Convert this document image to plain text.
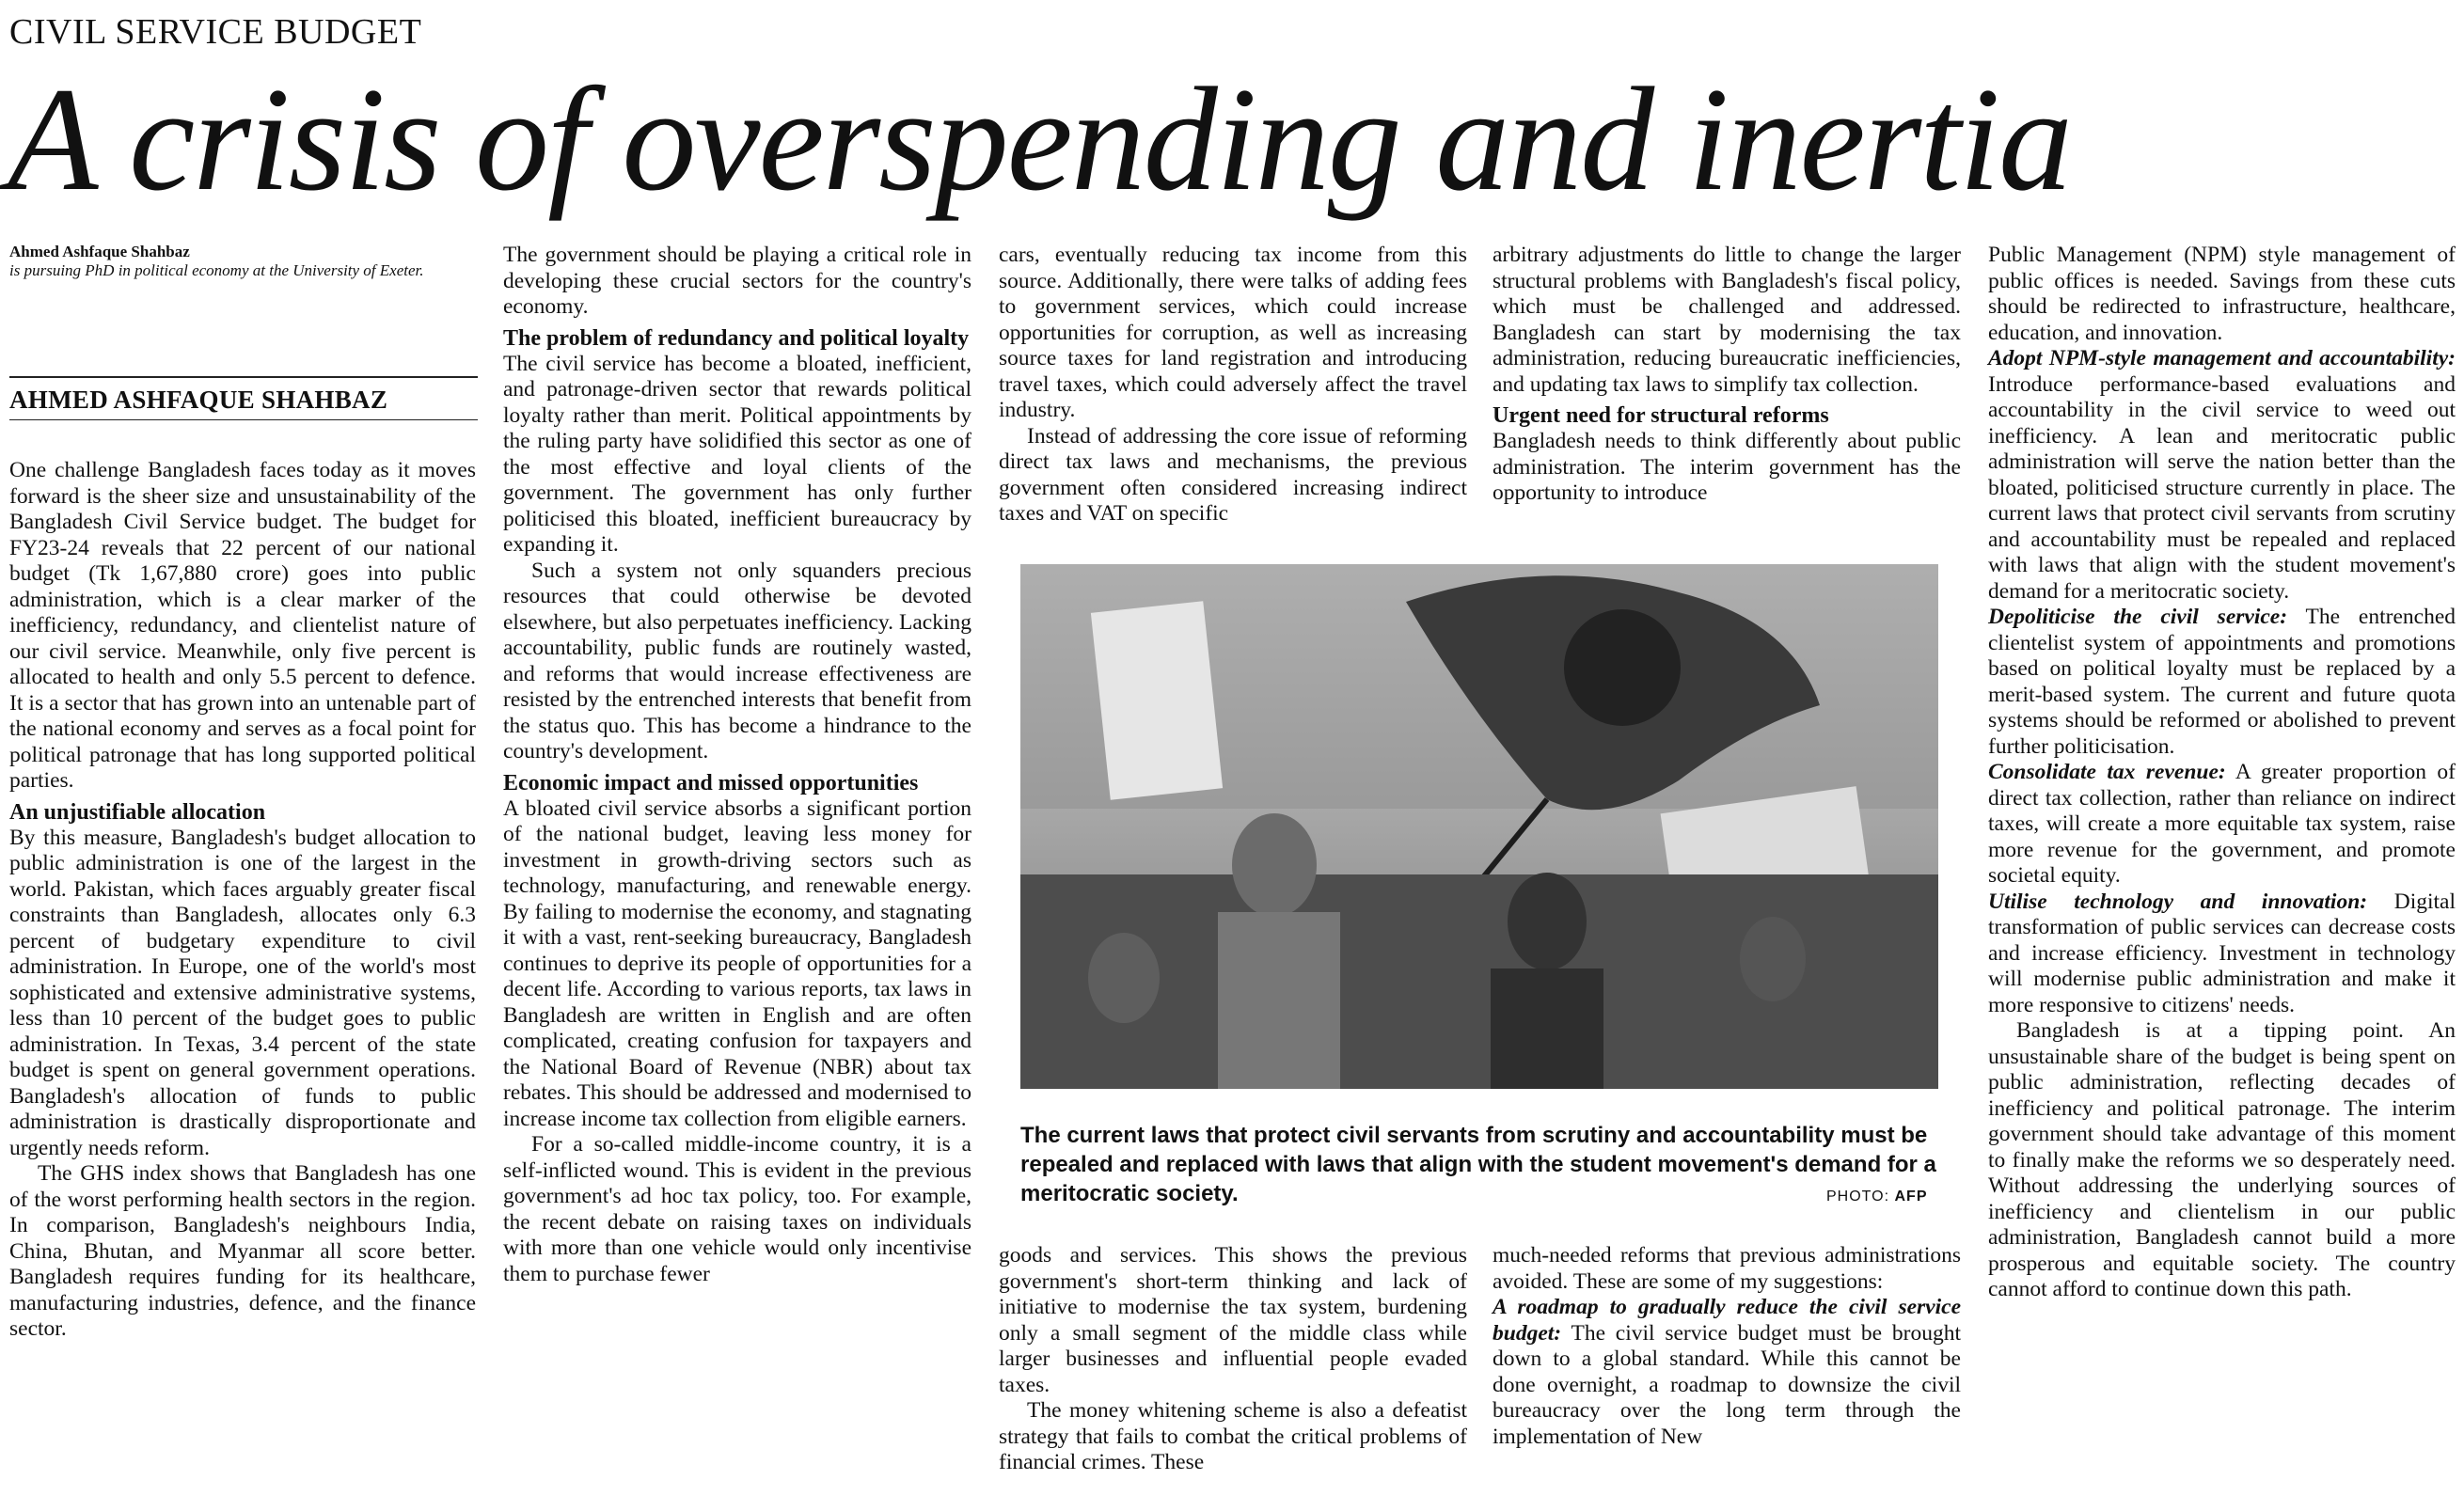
CIVIL SERVICE BUDGET
A crisis of overspending and inertia
Ahmed Ashfaque Shahbaz
is pursuing PhD in political economy at the University of Exeter.
AHMED ASHFAQUE SHAHBAZ

One challenge Bangladesh faces today as it moves forward is the sheer size and unsustainability of the Bangladesh Civil Service budget. The budget for FY23-24 reveals that 22 percent of our national budget (Tk 1,67,880 crore) goes into public administration, which is a clear marker of the inefficiency, redundancy, and clientelist nature of our civil service. Meanwhile, only five percent is allocated to health and only 5.5 percent to defence. It is a sector that has grown into an untenable part of the national economy and serves as a focal point for political patronage that has long supported political parties.

An unjustifiable allocation

By this measure, Bangladesh's budget allocation to public administration is one of the largest in the world. Pakistan, which faces arguably greater fiscal constraints than Bangladesh, allocates only 6.3 percent of budgetary expenditure to civil administration. In Europe, one of the world's most sophisticated and extensive administrative systems, less than 10 percent of the budget goes to public administration. In Texas, 3.4 percent of the state budget is spent on general government operations. Bangladesh's allocation of funds to public administration is drastically disproportionate and urgently needs reform.

The GHS index shows that Bangladesh has one of the worst performing health sectors in the region. In comparison, Bangladesh's neighbours India, China, Bhutan, and Myanmar all score better. Bangladesh requires funding for its healthcare, manufacturing industries, defence, and the finance sector.

The government should be playing a critical role in developing these crucial sectors for the country's economy.

The problem of redundancy and political loyalty

The civil service has become a bloated, inefficient, and patronage-driven sector that rewards political loyalty rather than merit. Political appointments by the ruling party have solidified this sector as one of the most effective and loyal clients of the government. The government has only further politicised this bloated, inefficient bureaucracy by expanding it.

Such a system not only squanders precious resources that could otherwise be devoted elsewhere, but also perpetuates inefficiency. Lacking accountability, public funds are routinely wasted, and reforms that would increase effectiveness are resisted by the entrenched interests that benefit from the status quo. This has become a hindrance to the country's development.

Economic impact and missed opportunities

A bloated civil service absorbs a significant portion of the national budget, leaving less money for investment in growth-driving sectors such as technology, manufacturing, and renewable energy. By failing to modernise the economy, and stagnating it with a vast, rent-seeking bureaucracy, Bangladesh continues to deprive its people of opportunities for a decent life. According to various reports, tax laws in Bangladesh are written in English and are often complicated, creating confusion for taxpayers and the National Board of Revenue (NBR) about tax rebates. This should be addressed and modernised to increase income tax collection from eligible earners.

For a so-called middle-income country, it is a self-inflicted wound. This is evident in the previous government's ad hoc tax policy, too. For example, the recent debate on raising taxes on individuals with more than one vehicle would only incentivise them to purchase fewer

cars, eventually reducing tax income from this source. Additionally, there were talks of adding fees to government services, which could increase opportunities for corruption, as well as increasing source taxes for land registration and introducing travel taxes, which could adversely affect the travel industry.

Instead of addressing the core issue of reforming direct tax laws and mechanisms, the previous government often considered increasing indirect taxes and VAT on specific

arbitrary adjustments do little to change the larger structural problems with Bangladesh's fiscal policy, which must be challenged and addressed. Bangladesh can start by modernising the tax administration, reducing bureaucratic inefficiencies, and updating tax laws to simplify tax collection.

Urgent need for structural reforms

Bangladesh needs to think differently about public administration. The interim government has the opportunity to introduce

The current laws that protect civil servants from scrutiny and accountability must be repealed and replaced with laws that align with the student movement's demand for a meritocratic society.	PHOTO: AFP

goods and services. This shows the previous government's short-term thinking and lack of initiative to modernise the tax system, burdening only a small segment of the middle class while larger businesses and influential people evaded taxes.

The money whitening scheme is also a defeatist strategy that fails to combat the critical problems of financial crimes. These

much-needed reforms that previous administrations avoided. These are some of my suggestions:

A roadmap to gradually reduce the civil service budget: The civil service budget must be brought down to a global standard. While this cannot be done overnight, a roadmap to downsize the civil bureaucracy over the long term through the implementation of New

Public Management (NPM) style management of public offices is needed. Savings from these cuts should be redirected to infrastructure, healthcare, education, and innovation.

Adopt NPM-style management and accountability: Introduce performance-based evaluations and accountability in the civil service to weed out inefficiency. A lean and meritocratic public administration will serve the nation better than the bloated, politicised structure currently in place. The current laws that protect civil servants from scrutiny and accountability must be repealed and replaced with laws that align with the student movement's demand for a meritocratic society.

Depoliticise the civil service: The entrenched clientelist system of appointments and promotions based on political loyalty must be replaced by a merit-based system. The current and future quota systems should be reformed or abolished to prevent further politicisation.

Consolidate tax revenue: A greater proportion of direct tax collection, rather than reliance on indirect taxes, will create a more equitable tax system, raise more revenue for the government, and promote societal equity.

Utilise technology and innovation: Digital transformation of public services can decrease costs and increase efficiency. Investment in technology will modernise public administration and make it more responsive to citizens' needs.

Bangladesh is at a tipping point. An unsustainable share of the budget is being spent on public administration, reflecting decades of inefficiency and political patronage. The interim government should take advantage of this moment to finally make the reforms we so desperately need. Without addressing the underlying sources of inefficiency and clientelism in our public administration, Bangladesh cannot build a more prosperous and equitable society. The country cannot afford to continue down this path.
